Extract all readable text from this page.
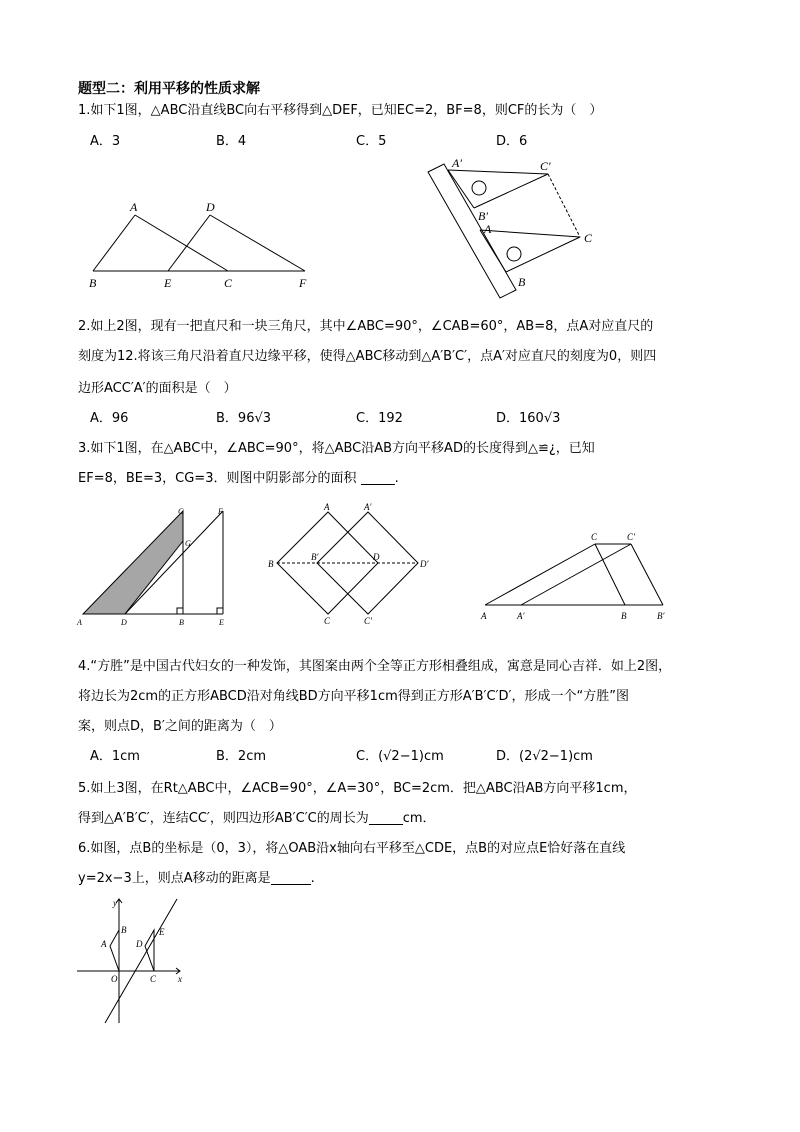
题型二：利用平移的性质求解
1.如下1图，△ABC沿直线BC向右平移得到△DEF，已知EC=2，BF=8，则CF的长为（　）
A．3	B．4	C．5	D．6
A	D
B	E	C	F
A′	C′
B′
A
C
B
2.如上2图，现有一把直尺和一块三角尺，其中∠ABC=90°，∠CAB=60°，AB=8，点A对应直尺的
刻度为12.将该三角尺沿着直尺边缘平移，使得△ABC移动到△A′B′C′，点A′对应直尺的刻度为0，则四
边形ACC′A′的面积是（　）
A．96	B．96√3	C．192	D．160√3
3.如下1图，在△ABC中，∠ABC=90°，将△ABC沿AB方向平移AD的长度得到△≌¿，已知
EF=8，BE=3，CG=3．则图中阴影部分的面积	.
C	F
G
A	D	B	E
A	A′
B′	D
B	D′
C	C′
C	C′
A	A′	B	B′
4.“方胜”是中国古代妇女的一种发饰，其图案由两个全等正方形相叠组成，寓意是同心吉祥．如上2图，
将边长为2cm的正方形ABCD沿对角线BD方向平移1cm得到正方形A′B′C′D′，形成一个“方胜”图
案，则点D，B′之间的距离为（　）
A．1cm	B．2cm	C．(√2−1)cm	D．(2√2−1)cm
5.如上3图，在Rt△ABC中，∠ACB=90°，∠A=30°，BC=2cm．把△ABC沿AB方向平移1cm，
得到△A′B′C′，连结CC′，则四边形AB′C′C的周长为	cm．
6.如图，点B的坐标是（0，3），将△OAB沿x轴向右平移至△CDE，点B的对应点E恰好落在直线
y=2x−3上，则点A移动的距离是	.
y
x
O
A
B
D
E
C
